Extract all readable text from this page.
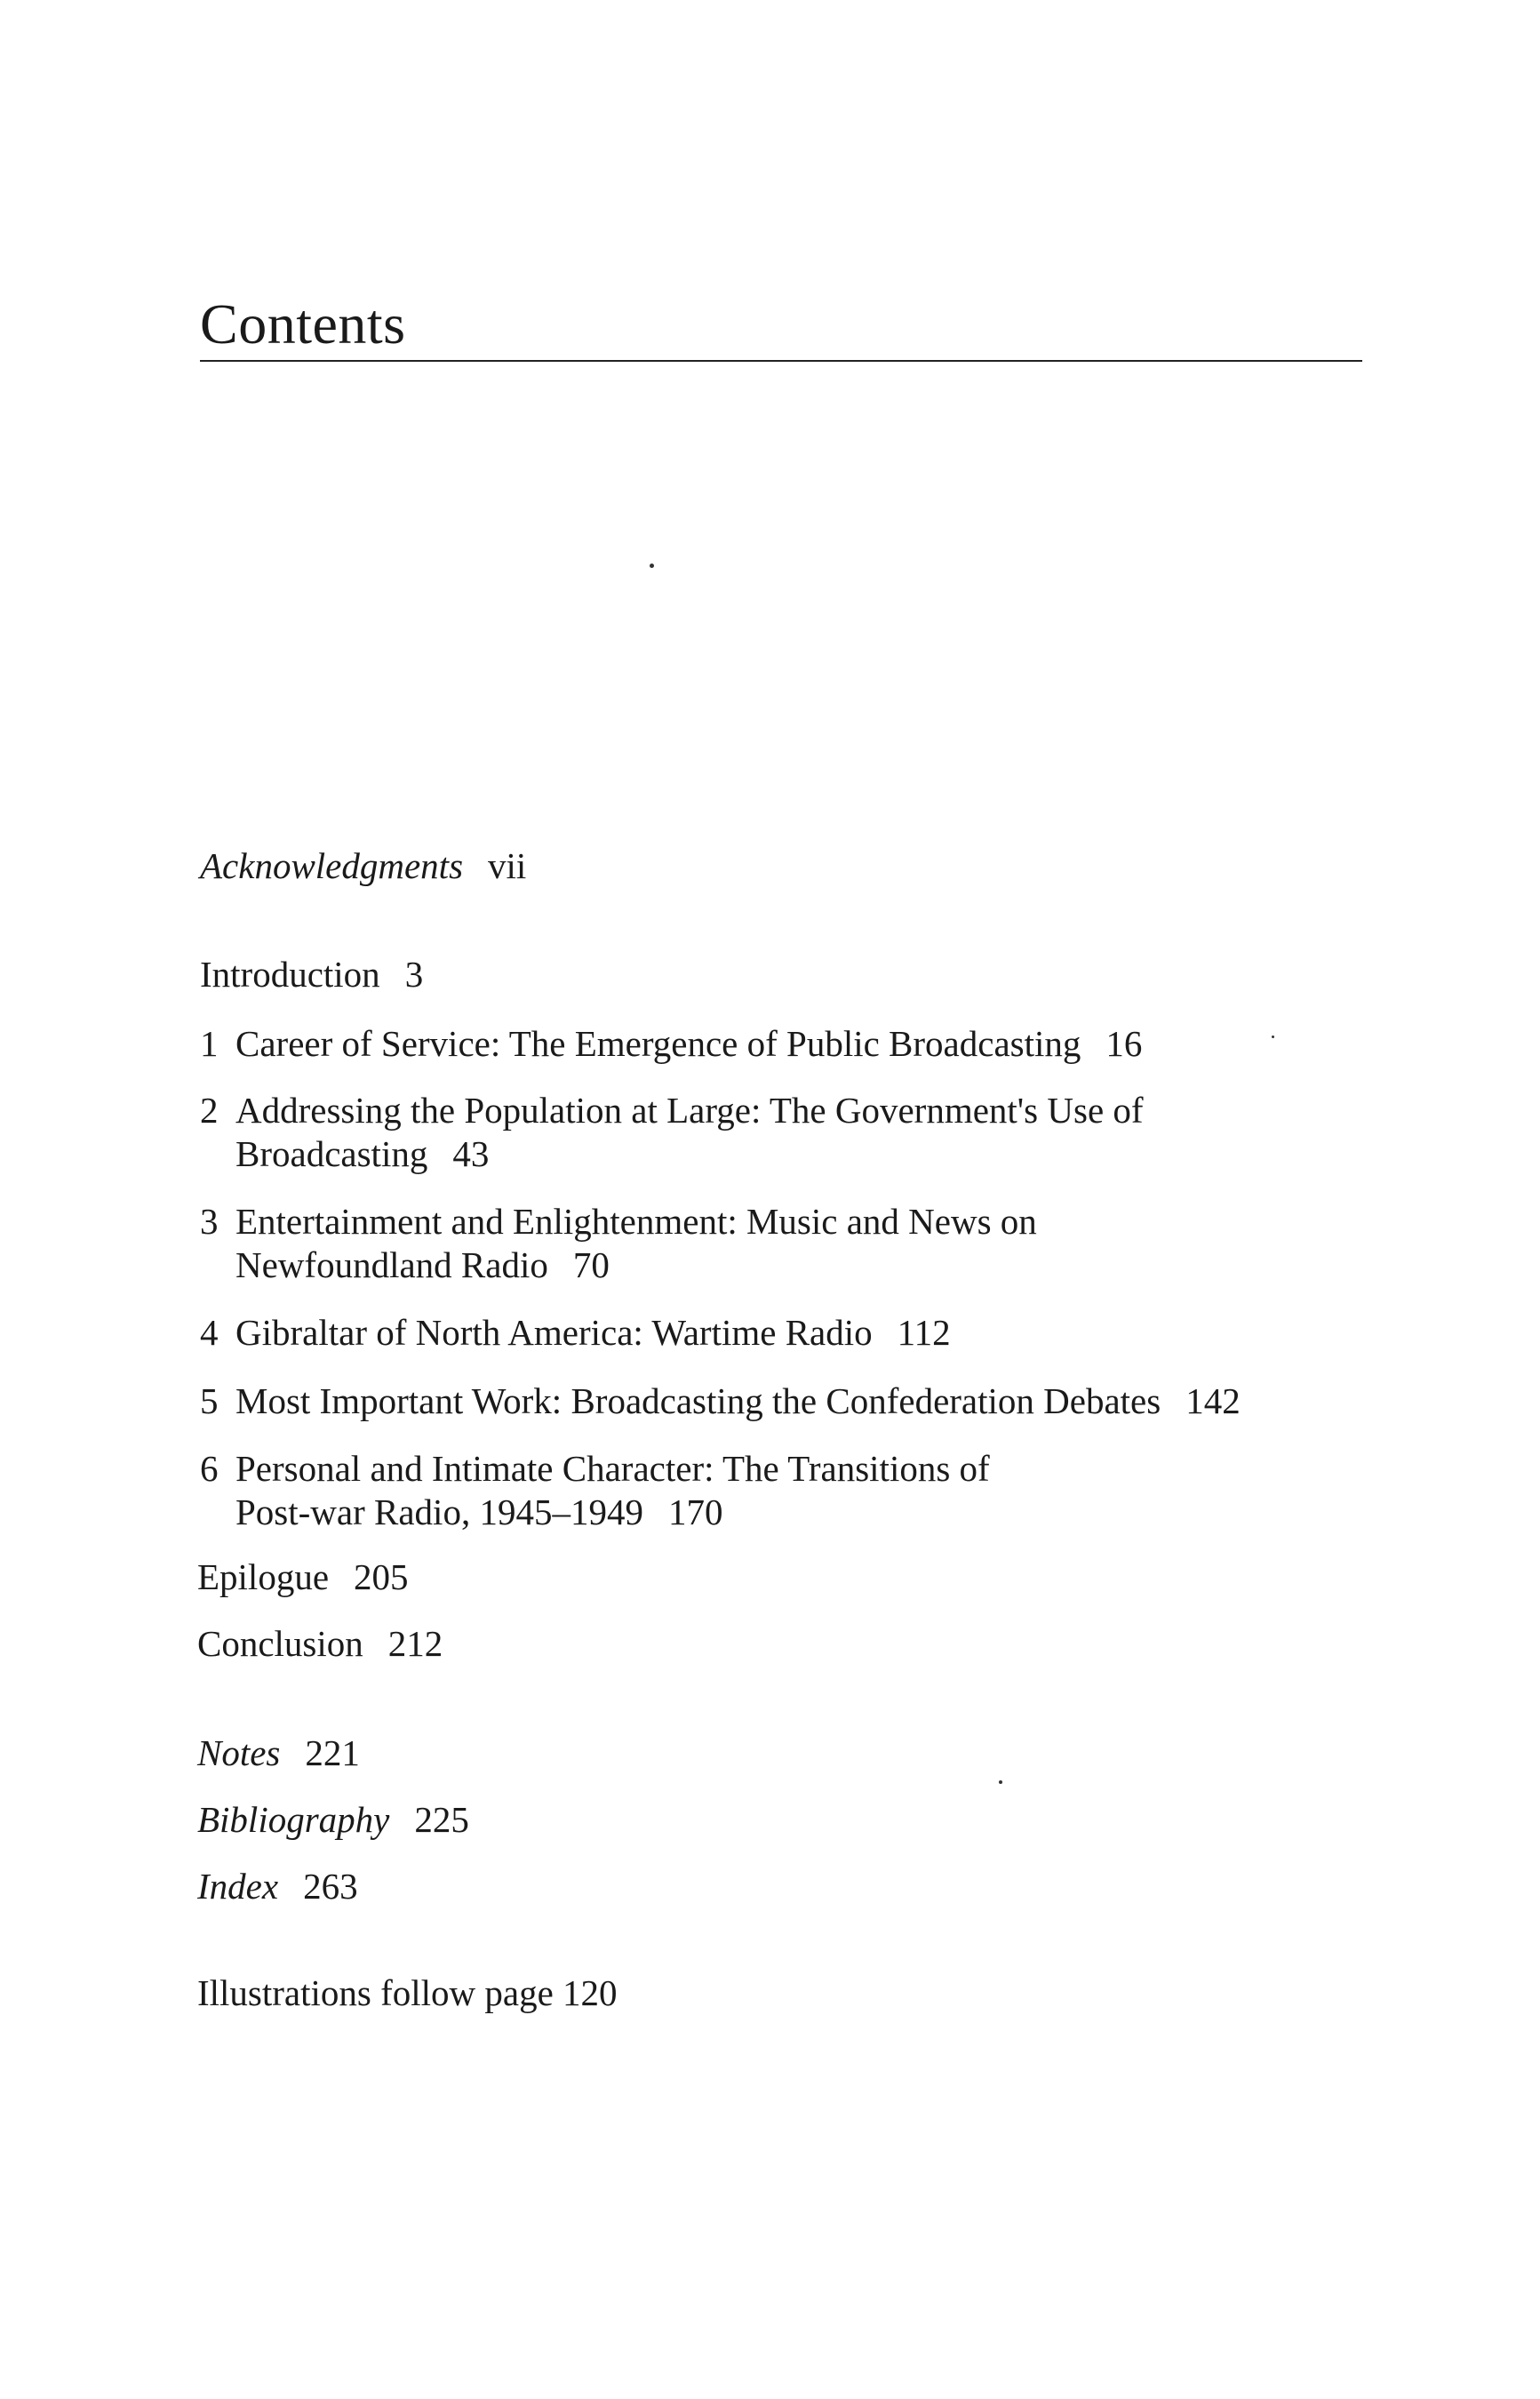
Contents
Acknowledgments vii
Introduction 3
1 Career of Service: The Emergence of Public Broadcasting 16
2 Addressing the Population at Large: The Government's Use of
Broadcasting 43
3 Entertainment and Enlightenment: Music and News on
Newfoundland Radio 70
4 Gibraltar of North America: Wartime Radio 112
5 Most Important Work: Broadcasting the Confederation Debates 142
6 Personal and Intimate Character: The Transitions of
Post-war Radio, 1945–1949 170
Epilogue 205
Conclusion 212
Notes 221
Bibliography 225
Index 263
Illustrations follow page 120
